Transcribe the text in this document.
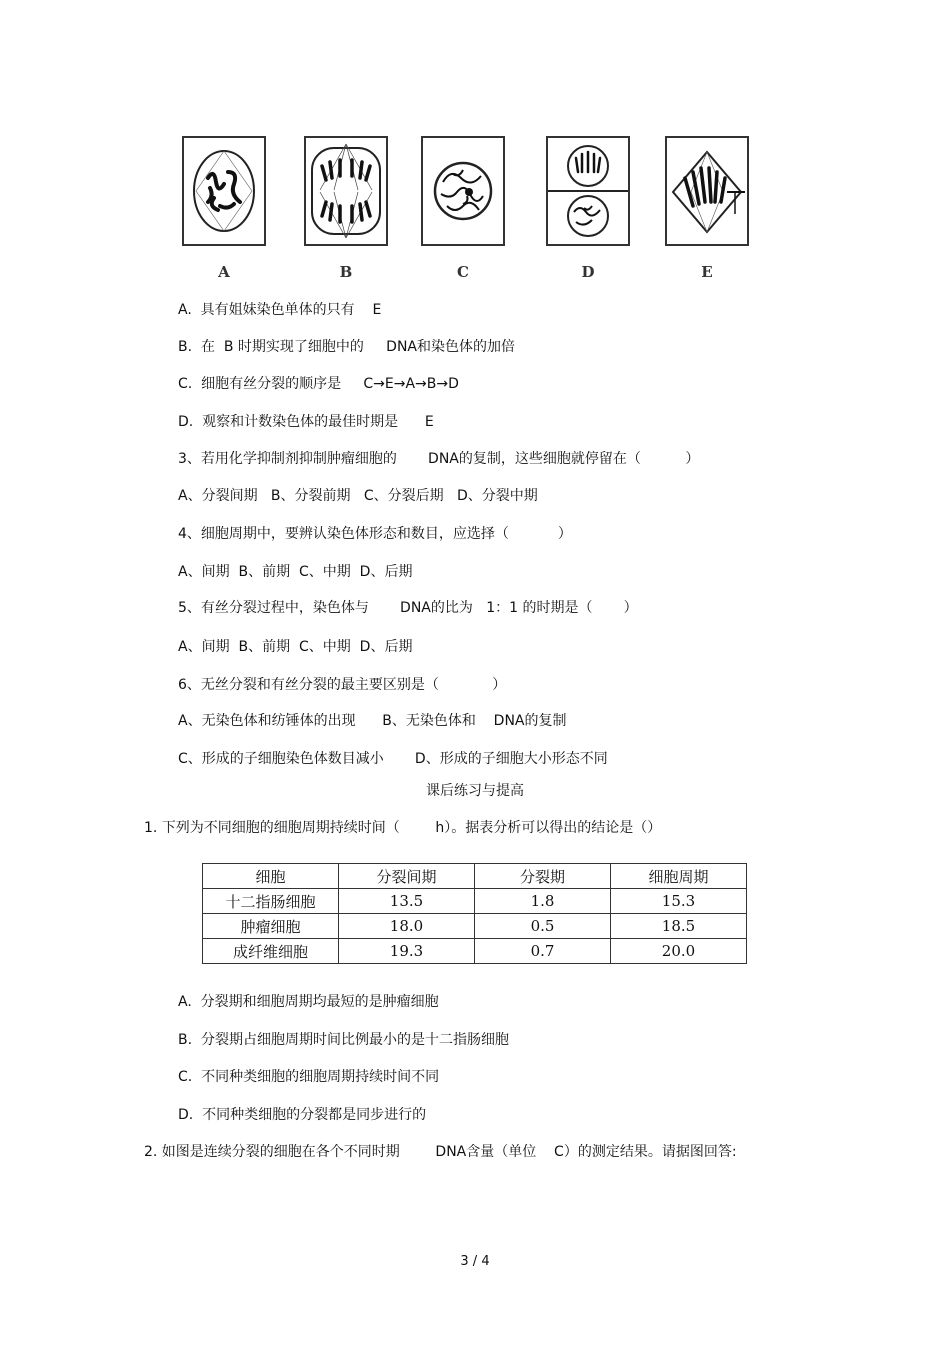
A	B	C	D	E
A.  具有姐妹染色单体的只有    E
B.  在  B 时期实现了细胞中的     DNA和染色体的加倍
C.  细胞有丝分裂的顺序是     C→E→A→B→D
D.  观察和计数染色体的最佳时期是      E
3、若用化学抑制剂抑制肿瘤细胞的       DNA的复制，这些细胞就停留在（          ）
A、分裂间期   B、分裂前期   C、分裂后期   D、分裂中期
4、细胞周期中，要辨认染色体形态和数目，应选择（           ）
A、间期  B、前期  C、中期  D、后期
5、有丝分裂过程中，染色体与       DNA的比为   1：1 的时期是（       ）
A、间期  B、前期  C、中期  D、后期
6、无丝分裂和有丝分裂的最主要区别是（            ）
A、无染色体和纺锤体的出现      B、无染色体和    DNA的复制
C、形成的子细胞染色体数目减小       D、形成的子细胞大小形态不同
课后练习与提高
1. 下列为不同细胞的细胞周期持续时间（        h）。据表分析可以得出的结论是（）
细胞	分裂间期	分裂期	细胞周期
十二指肠细胞	13.5	1.8	15.3
肿瘤细胞	18.0	0.5	18.5
成纤维细胞	19.3	0.7	20.0
A.  分裂期和细胞周期均最短的是肿瘤细胞
B.  分裂期占细胞周期时间比例最小的是十二指肠细胞
C.  不同种类细胞的细胞周期持续时间不同
D.  不同种类细胞的分裂都是同步进行的
2. 如图是连续分裂的细胞在各个不同时期        DNA含量（单位    C）的测定结果。请据图回答:
3 / 4
